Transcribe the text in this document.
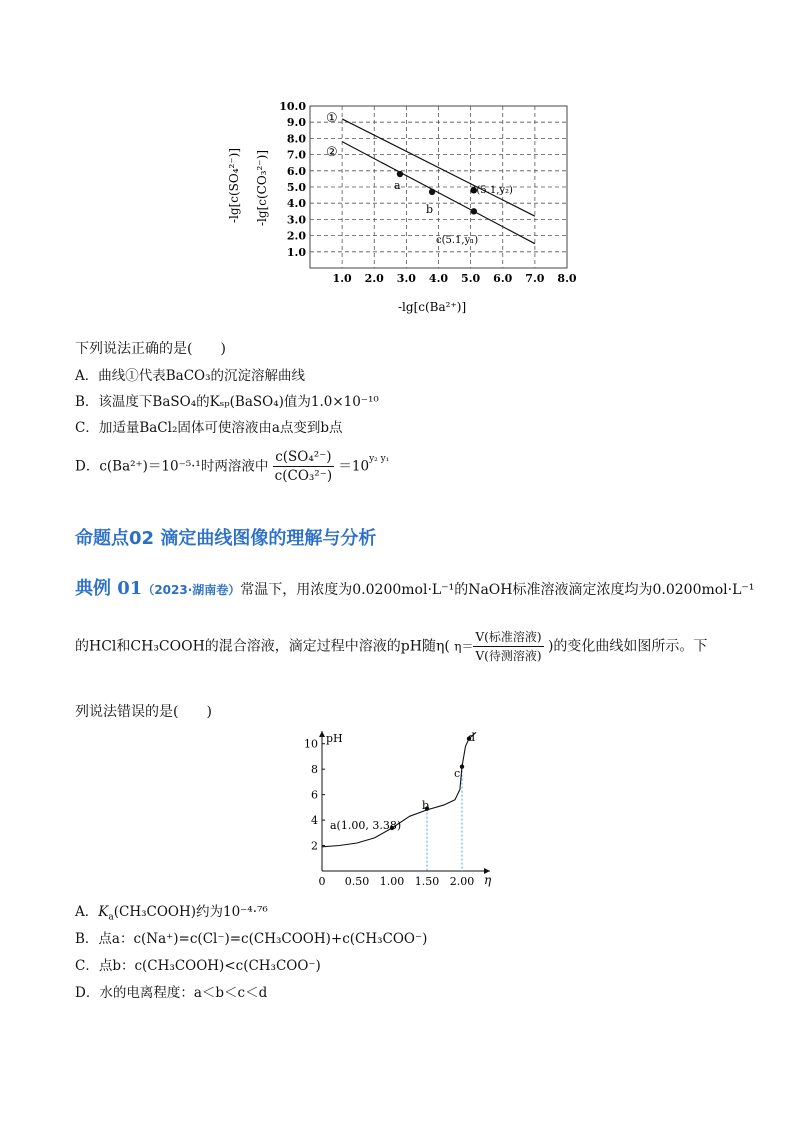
1.0 2.0 3.0 4.0 5.0 6.0 7.0 8.0
1.0
2.0
3.0
4.0
5.0
6.0
7.0
8.0
9.0
10.0
①
②
a
b
d(5.1,y₂)
c(5.1,y₁)
-lg[c(SO₄²⁻)] -lg[c(CO₃²⁻)]
-lg[c(Ba²⁺)]
下列说法正确的是(　　)
A．曲线①代表BaCO₃的沉淀溶解曲线
B．该温度下BaSO₄的Kₛₚ(BaSO₄)值为1.0×10⁻¹⁰
C．加适量BaCl₂固体可使溶液由a点变到b点
D．c(Ba²⁺)＝10⁻⁵·¹时两溶液中 $\frac{\text{c(SO₄²⁻)}}{\text{c(CO₃²⁻)}} =10^{y_2 y_1}$
命题点02 滴定曲线图像的理解与分析
典例 01（2023·湖南卷）常温下，用浓度为0.0200mol·L⁻¹的NaOH标准溶液滴定浓度均为0.0200mol·L⁻¹
的HCl和CH₃COOH的混合溶液，滴定过程中溶液的pH随η( $\eta= \frac{\text{V(标准溶液)}}{\text{V(待测溶液)}}$ )的变化曲线如图所示。下
列说法错误的是(　　)
2
4
6
8
10
0 0.50 1.00 1.50 2.00
pH
η
a(1.00, 3.38)
b
c
d
A．$K_a(CH_3COOH)$约为10⁻⁴·⁷⁶
B．点a：c(Na⁺)=c(Cl⁻)=c(CH₃COOH)+c(CH₃COO⁻)
C．点b：c(CH₃COOH)<c(CH₃COO⁻)
D．水的电离程度：a＜b＜c＜d
